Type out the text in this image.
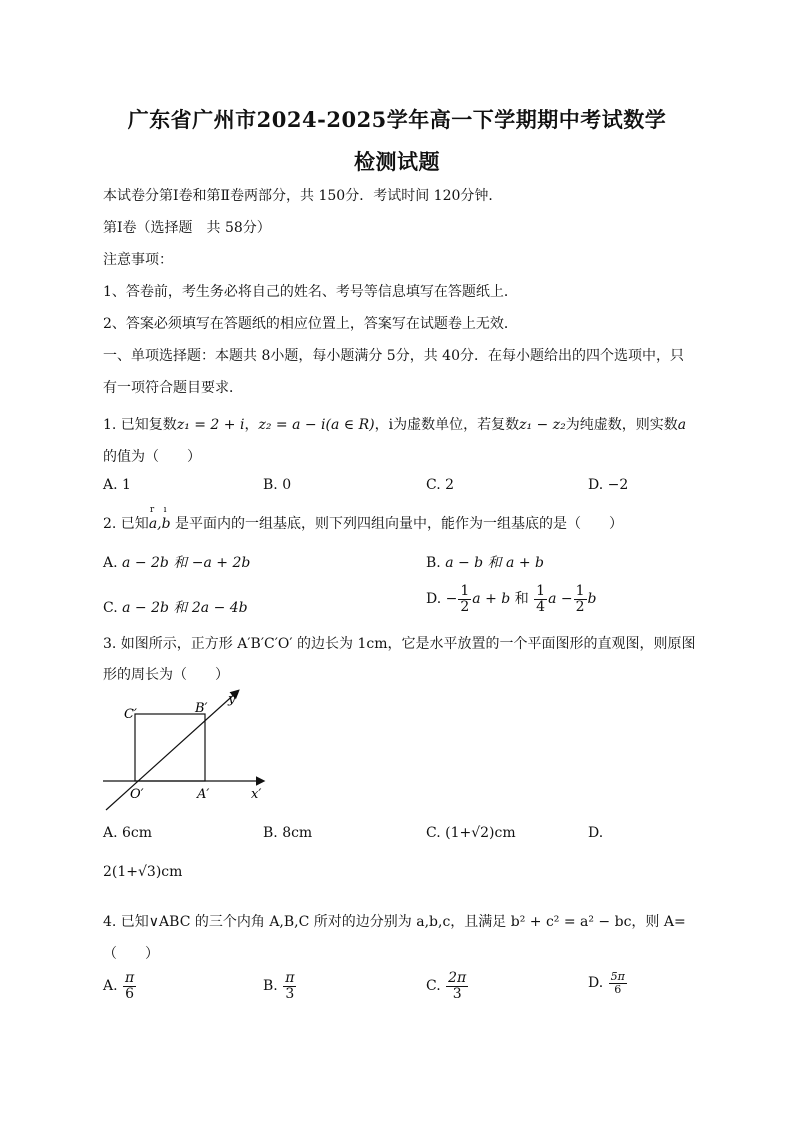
广东省广州市2024-2025学年高一下学期期中考试数学
检测试题
本试卷分第Ⅰ卷和第Ⅱ卷两部分，共 150分．考试时间 120分钟．
第Ⅰ卷（选择题　共 58分）
注意事项：
1、答卷前，考生务必将自己的姓名、考号等信息填写在答题纸上．
2、答案必须填写在答题纸的相应位置上，答案写在试题卷上无效．
一、单项选择题：本题共 8小题，每小题满分 5分，共 40分．在每小题给出的四个选项中，只
有一项符合题目要求．
1. 已知复数z₁ = 2 + i，z₂ = a − i(a ∈ R)，i为虚数单位，若复数z₁ − z₂为纯虚数，则实数a
的值为（　　）
A. 1	B. 0	C. 2	D. −2
2. 已知r a,ı b 是平面内的一组基底，则下列四组向量中，能作为一组基底的是（　　）
A. a − 2b 和 −a + 2b	B. a − b 和 a + b
C. a − 2b 和 2a − 4b
D. − $\frac{1}{2}$ a + b 和 $\frac{1}{4}$ $a - \frac{1}{2}$ b
3. 如图所示，正方形 A′B′C′O′ 的边长为 1cm，它是水平放置的一个平面图形的直观图，则原图
形的周长为（　　）
C′	B′
y′
O′	A′	x′
A. 6cm	B. 8cm	C. (1+√2)cm	D.
2(1+√3)cm
4. 已知∨ABC 的三个内角 A,B,C 所对的边分别为 a,b,c，且满足 b² + c² = a² − bc，则 A=
（　　）
A. $\frac{\pi}{6}$	B. $\frac{\pi}{3}$	C. $\frac{2\pi}{3}$	D. $\frac{5\pi}{6}$
